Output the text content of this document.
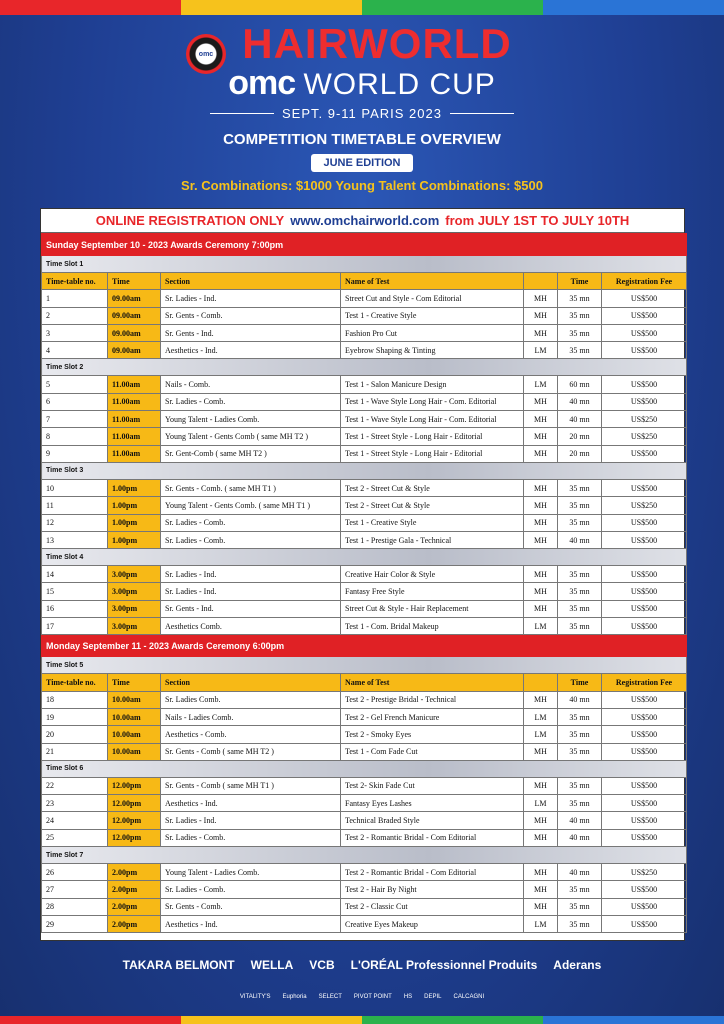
omc HAIRWORLD
omc WORLD CUP
SEPT. 9-11 PARIS 2023
COMPETITION TIMETABLE OVERVIEW
JUNE EDITION
Sr. Combinations: $1000 Young Talent Combinations: $500
ONLINE REGISTRATION ONLY www.omchairworld.com from JULY 1ST TO JULY 10TH
Sunday September 10 - 2023 Awards Ceremony 7:00pm						
Time Slot 1						
Time-table no.	Time	Section	Name of Test		Time	Registration Fee
1	09.00am	Sr. Ladies - Ind.	Street Cut and Style - Com Editorial	MH	35 mn	US$500
2	09.00am	Sr. Gents - Comb.	Test 1 - Creative Style	MH	35 mn	US$500
3	09.00am	Sr. Gents - Ind.	Fashion Pro Cut	MH	35 mn	US$500
4	09.00am	Aesthetics - Ind.	Eyebrow Shaping & Tinting	LM	35 mn	US$500
Time Slot 2						
5	11.00am	Nails - Comb.	Test 1 - Salon Manicure Design	LM	60 mn	US$500
6	11.00am	Sr. Ladies - Comb.	Test 1 - Wave Style Long Hair - Com. Editorial	MH	40 mn	US$500
7	11.00am	Young Talent - Ladies Comb.	Test 1 - Wave Style Long Hair - Com. Editorial	MH	40 mn	US$250
8	11.00am	Young Talent - Gents Comb ( same MH T2 )	Test 1 - Street Style - Long Hair - Editorial	MH	20 mn	US$250
9	11.00am	Sr. Gent-Comb ( same MH T2 )	Test 1 - Street Style - Long Hair - Editorial	MH	20 mn	US$500
Time Slot 3						
10	1.00pm	Sr. Gents - Comb. ( same MH T1 )	Test 2 - Street Cut & Style	MH	35 mn	US$500
11	1.00pm	Young Talent - Gents Comb. ( same MH T1 )	Test 2 - Street Cut & Style	MH	35 mn	US$250
12	1.00pm	Sr. Ladies - Comb.	Test 1 - Creative Style	MH	35 mn	US$500
13	1.00pm	Sr. Ladies - Comb.	Test 1 - Prestige Gala - Technical	MH	40 mn	US$500
Time Slot 4						
14	3.00pm	Sr. Ladies - Ind.	Creative Hair Color & Style	MH	35 mn	US$500
15	3.00pm	Sr. Ladies - Ind.	Fantasy Free Style	MH	35 mn	US$500
16	3.00pm	Sr. Gents - Ind.	Street Cut & Style - Hair Replacement	MH	35 mn	US$500
17	3.00pm	Aesthetics Comb.	Test 1 - Com. Bridal Makeup	LM	35 mn	US$500
Monday September 11 - 2023 Awards Ceremony 6:00pm						
Time Slot 5						
Time-table no.	Time	Section	Name of Test		Time	Registration Fee
18	10.00am	Sr. Ladies Comb.	Test 2 - Prestige Bridal - Technical	MH	40 mn	US$500
19	10.00am	Nails - Ladies Comb.	Test 2 - Gel French Manicure	LM	35 mn	US$500
20	10.00am	Aesthetics - Comb.	Test 2 - Smoky Eyes	LM	35 mn	US$500
21	10.00am	Sr. Gents - Comb ( same MH T2 )	Test 1 - Com Fade Cut	MH	35 mn	US$500
Time Slot 6						
22	12.00pm	Sr. Gents - Comb ( same MH T1 )	Test 2- Skin Fade Cut	MH	35 mn	US$500
23	12.00pm	Aesthetics - Ind.	Fantasy Eyes Lashes	LM	35 mn	US$500
24	12.00pm	Sr. Ladies - Ind.	Technical Braded Style	MH	40 mn	US$500
25	12.00pm	Sr. Ladies - Comb.	Test 2 - Romantic Bridal - Com Editorial	MH	40 mn	US$500
Time Slot 7						
26	2.00pm	Young Talent - Ladies Comb.	Test 2 - Romantic Bridal - Com Editorial	MH	40 mn	US$250
27	2.00pm	Sr. Ladies - Comb.	Test 2 - Hair By Night	MH	35 mn	US$500
28	2.00pm	Sr. Gents - Comb.	Test 2 - Classic Cut	MH	35 mn	US$500
29	2.00pm	Aesthetics - Ind.	Creative Eyes Makeup	LM	35 mn	US$500
TAKARA BELMONT WELLA VCB L'ORÉAL Professionnel Produits Aderans
VITALITY'S Euphoria SELECT PIVOT POINT HS DEPIL CALCAGNI
